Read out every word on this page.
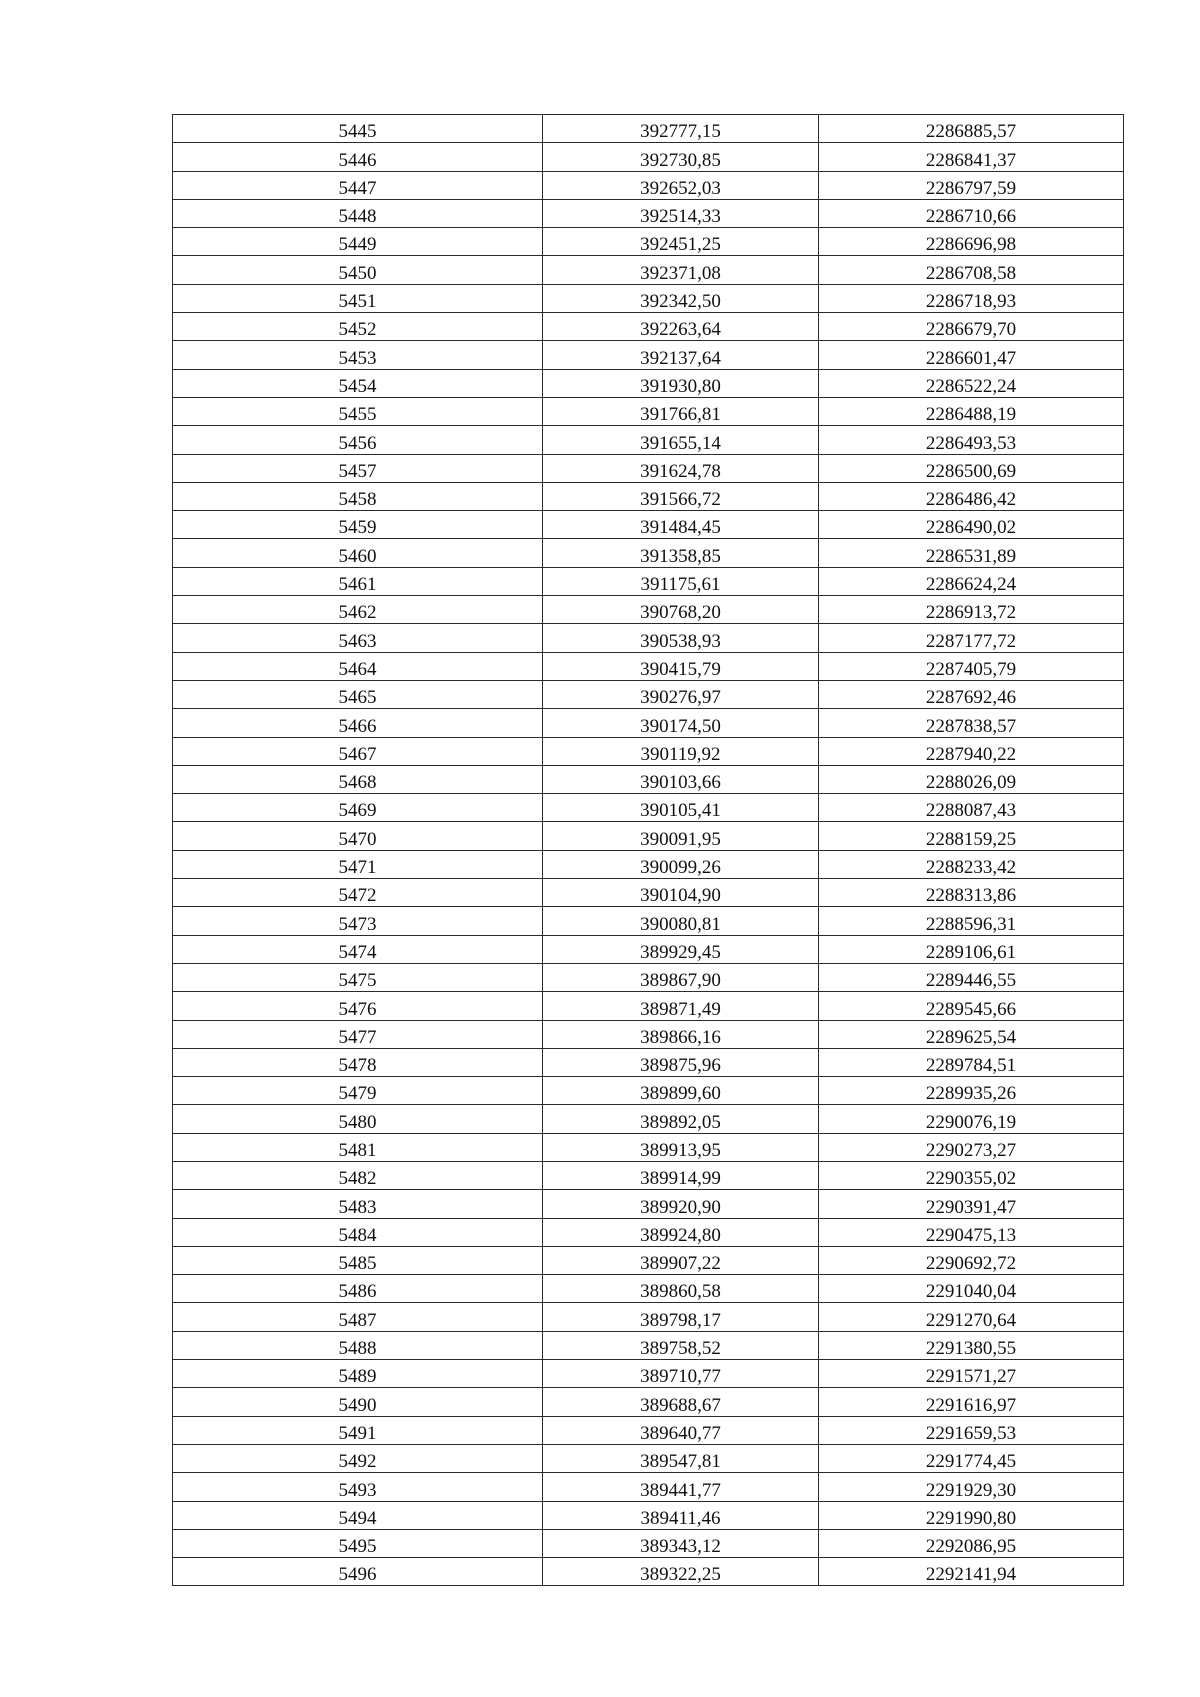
5445	392777,15	2286885,57
5446	392730,85	2286841,37
5447	392652,03	2286797,59
5448	392514,33	2286710,66
5449	392451,25	2286696,98
5450	392371,08	2286708,58
5451	392342,50	2286718,93
5452	392263,64	2286679,70
5453	392137,64	2286601,47
5454	391930,80	2286522,24
5455	391766,81	2286488,19
5456	391655,14	2286493,53
5457	391624,78	2286500,69
5458	391566,72	2286486,42
5459	391484,45	2286490,02
5460	391358,85	2286531,89
5461	391175,61	2286624,24
5462	390768,20	2286913,72
5463	390538,93	2287177,72
5464	390415,79	2287405,79
5465	390276,97	2287692,46
5466	390174,50	2287838,57
5467	390119,92	2287940,22
5468	390103,66	2288026,09
5469	390105,41	2288087,43
5470	390091,95	2288159,25
5471	390099,26	2288233,42
5472	390104,90	2288313,86
5473	390080,81	2288596,31
5474	389929,45	2289106,61
5475	389867,90	2289446,55
5476	389871,49	2289545,66
5477	389866,16	2289625,54
5478	389875,96	2289784,51
5479	389899,60	2289935,26
5480	389892,05	2290076,19
5481	389913,95	2290273,27
5482	389914,99	2290355,02
5483	389920,90	2290391,47
5484	389924,80	2290475,13
5485	389907,22	2290692,72
5486	389860,58	2291040,04
5487	389798,17	2291270,64
5488	389758,52	2291380,55
5489	389710,77	2291571,27
5490	389688,67	2291616,97
5491	389640,77	2291659,53
5492	389547,81	2291774,45
5493	389441,77	2291929,30
5494	389411,46	2291990,80
5495	389343,12	2292086,95
5496	389322,25	2292141,94
